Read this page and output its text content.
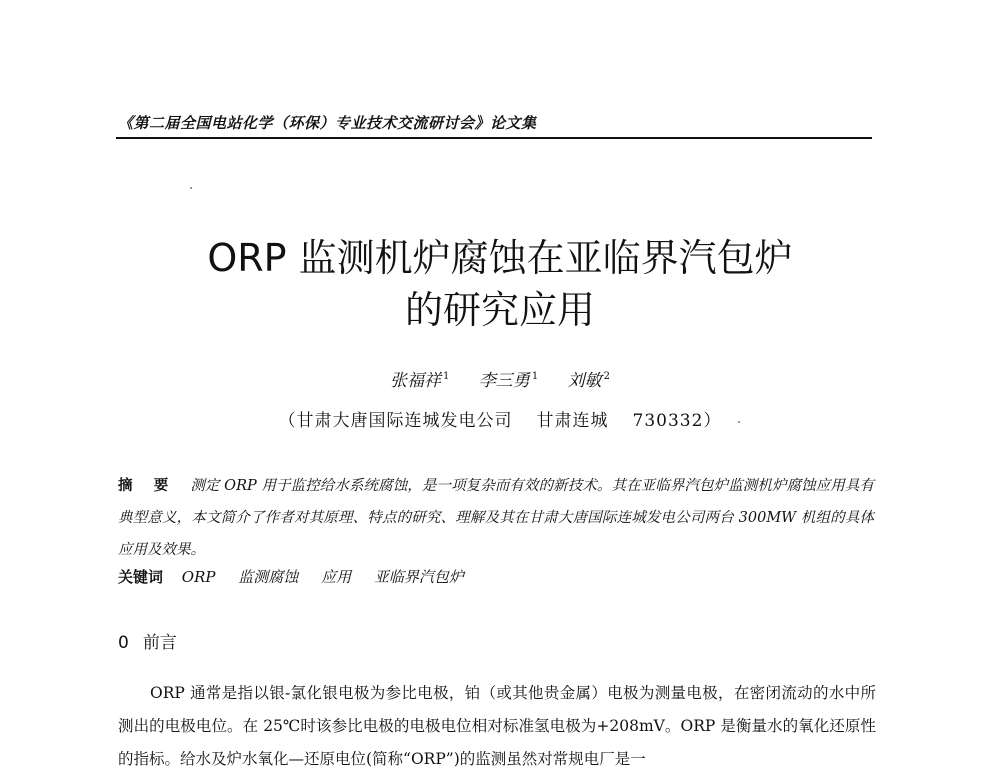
《第二届全国电站化学（环保）专业技术交流研讨会》论文集
ORP 监测机炉腐蚀在亚临界汽包炉
的研究应用
张福祥 $^1$ 李三勇 $^1$ 刘敏 $^2$
（甘肃大唐国际连城发电公司 甘肃连城 730332）
摘 要 测定 ORP 用于监控给水系统腐蚀，是一项复杂而有效的新技术。其在亚临界汽包炉监测机炉腐蚀应用具有典型意义，本文简介了作者对其原理、特点的研究、理解及其在甘肃大唐国际连城发电公司两台 300MW 机组的具体应用及效果。
关键词 ORP 监测腐蚀 应用 亚临界汽包炉
0 前言
ORP 通常是指以银-氯化银电极为参比电极，铂（或其他贵金属）电极为测量电极，在密闭流动的水中所测出的电极电位。在 25℃时该参比电极的电极电位相对标准氢电极为+208mV。ORP 是衡量水的氧化还原性的指标。给水及炉水氧化—还原电位(简称“ORP”)的监测虽然对常规电厂是一
